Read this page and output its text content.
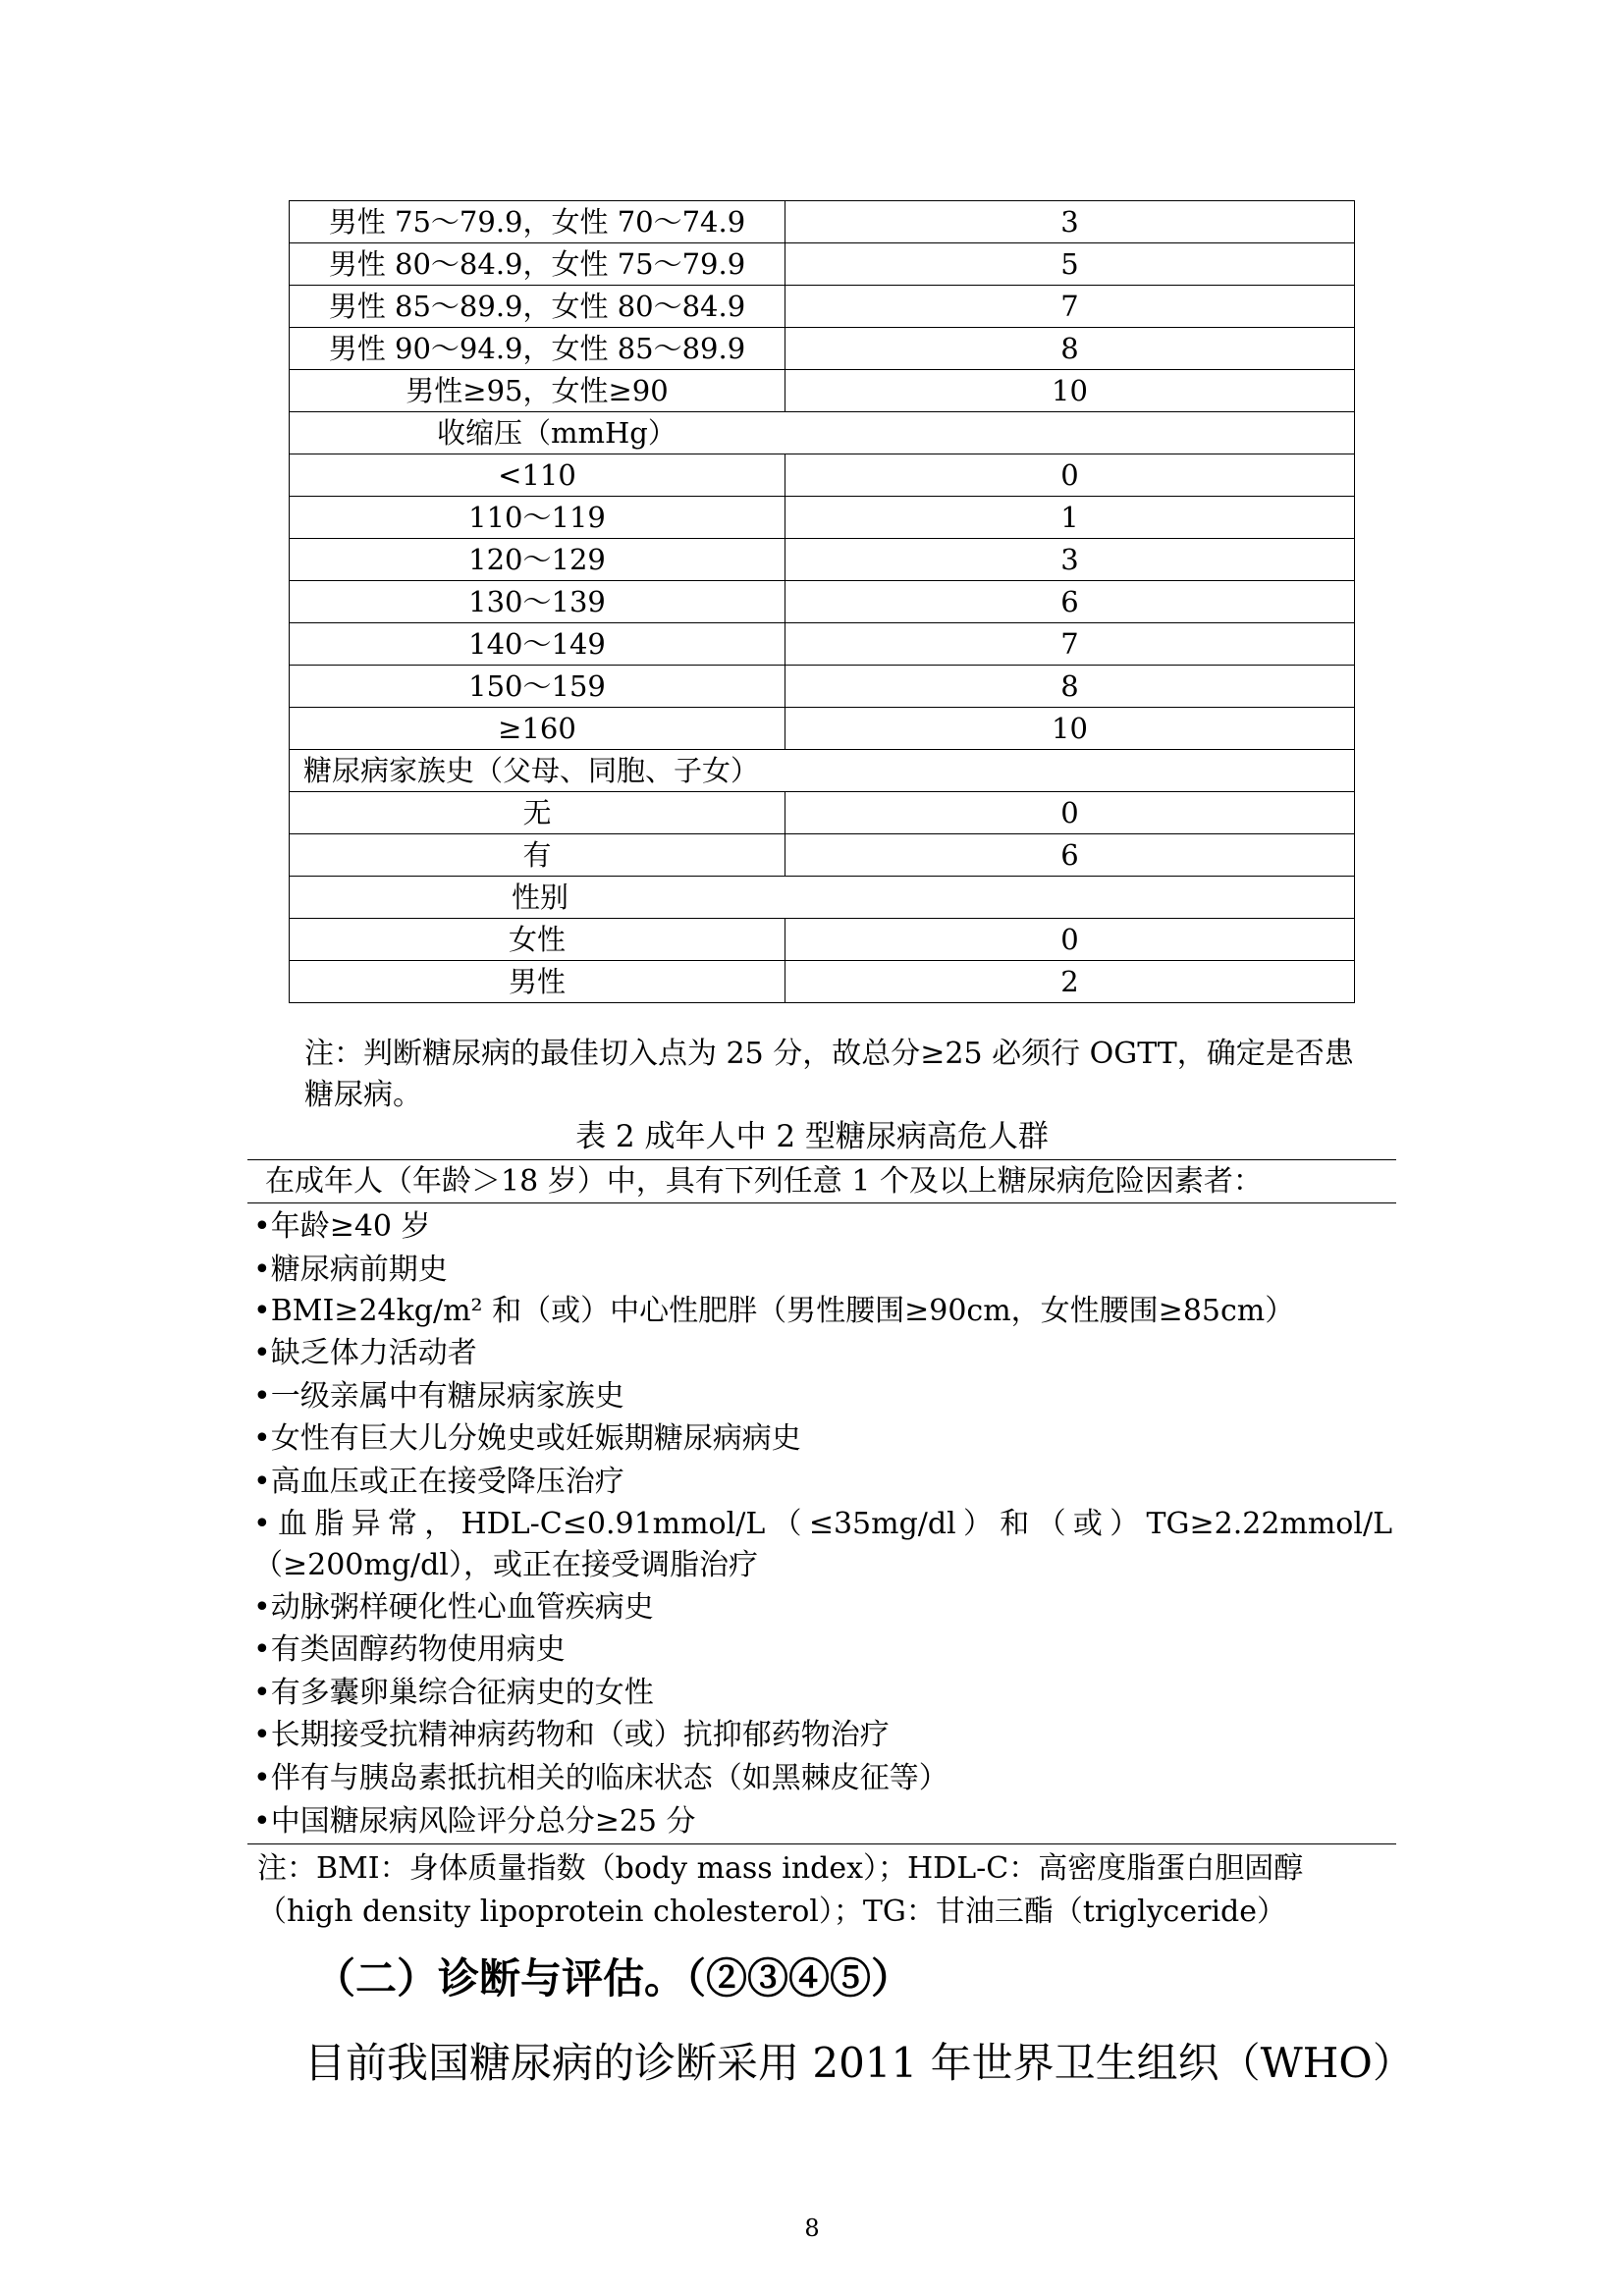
男性 75～79.9，女性 70～74.9	3
男性 80～84.9，女性 75～79.9	5
男性 85～89.9，女性 80～84.9	7
男性 90～94.9，女性 85～89.9	8
男性≥95，女性≥90	10
收缩压（mmHg）	
<110	0
110～119	1
120～129	3
130～139	6
140～149	7
150～159	8
≥160	10
糖尿病家族史（父母、同胞、子女）	
无	0
有	6
性别	
女性	0
男性	2
注：判断糖尿病的最佳切入点为 25 分，故总分≥25 必须行 OGTT，确定是否患糖尿病。
表 2 成年人中 2 型糖尿病高危人群
在成年人（年龄＞18 岁）中，具有下列任意 1 个及以上糖尿病危险因素者：
•年龄≥40 岁
•糖尿病前期史
•BMI≥24kg/m² 和（或）中心性肥胖（男性腰围≥90cm，女性腰围≥85cm）
•缺乏体力活动者
•一级亲属中有糖尿病家族史
•女性有巨大儿分娩史或妊娠期糖尿病病史
•高血压或正在接受降压治疗
•血脂异常，HDL-C≤0.91mmol/L（≤35mg/dl）和（或）TG≥2.22mmol/L（≥200mg/dl），或正在接受调脂治疗
•动脉粥样硬化性心血管疾病史
•有类固醇药物使用病史
•有多囊卵巢综合征病史的女性
•长期接受抗精神病药物和（或）抗抑郁药物治疗
•伴有与胰岛素抵抗相关的临床状态（如黑棘皮征等）
•中国糖尿病风险评分总分≥25 分
注：BMI：身体质量指数（body mass index）；HDL-C：高密度脂蛋白胆固醇（high density lipoprotein cholesterol）；TG：甘油三酯（triglyceride）
（二）诊断与评估。（②③④⑤）
目前我国糖尿病的诊断采用 2011 年世界卫生组织（WHO）
8
